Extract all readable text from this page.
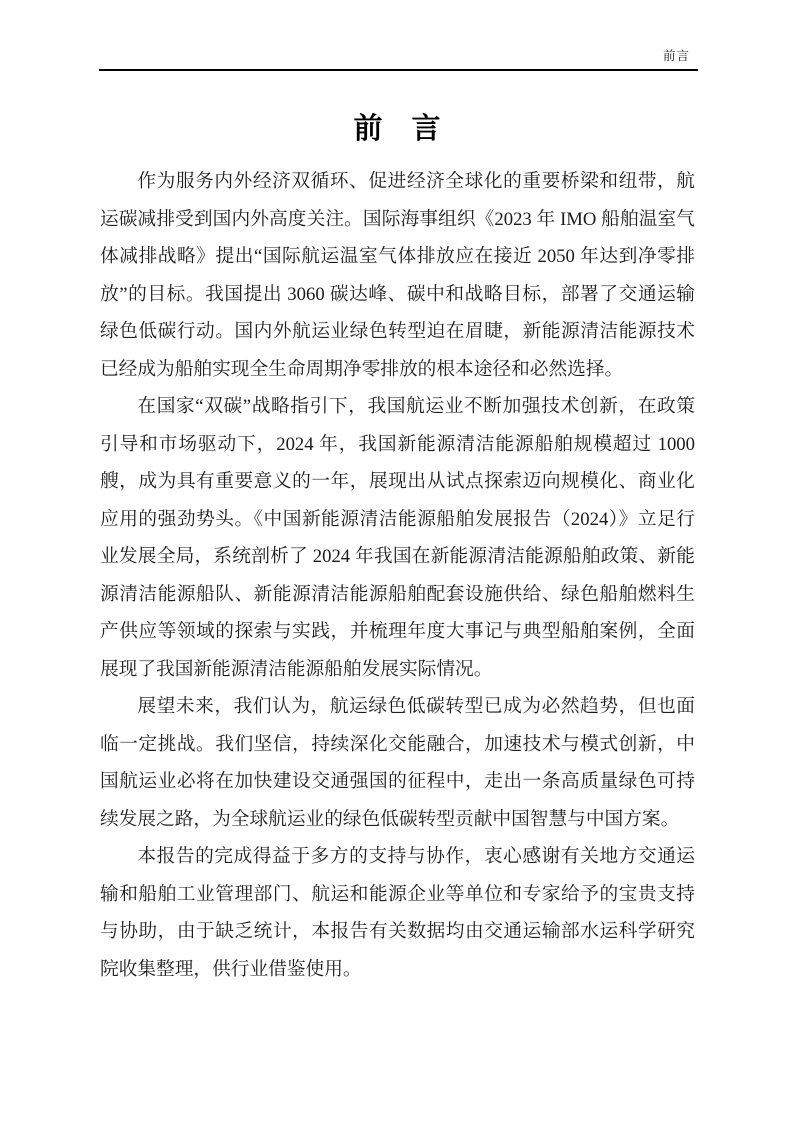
前言
前　言

作为服务内外经济双循环、促进经济全球化的重要桥梁和纽带，航运碳减排受到国内外高度关注。国际海事组织《2023 年 IMO 船舶温室气体减排战略》提出“国际航运温室气体排放应在接近 2050 年达到净零排放”的目标。我国提出 3060 碳达峰、碳中和战略目标，部署了交通运输绿色低碳行动。国内外航运业绿色转型迫在眉睫，新能源清洁能源技术已经成为船舶实现全生命周期净零排放的根本途径和必然选择。

在国家“双碳”战略指引下，我国航运业不断加强技术创新，在政策引导和市场驱动下，2024 年，我国新能源清洁能源船舶规模超过 1000 艘，成为具有重要意义的一年，展现出从试点探索迈向规模化、商业化应用的强劲势头。《中国新能源清洁能源船舶发展报告（2024）》立足行业发展全局，系统剖析了 2024 年我国在新能源清洁能源船舶政策、新能源清洁能源船队、新能源清洁能源船舶配套设施供给、绿色船舶燃料生产供应等领域的探索与实践，并梳理年度大事记与典型船舶案例，全面展现了我国新能源清洁能源船舶发展实际情况。

展望未来，我们认为，航运绿色低碳转型已成为必然趋势，但也面临一定挑战。我们坚信，持续深化交能融合，加速技术与模式创新，中国航运业必将在加快建设交通强国的征程中，走出一条高质量绿色可持续发展之路，为全球航运业的绿色低碳转型贡献中国智慧与中国方案。

本报告的完成得益于多方的支持与协作，衷心感谢有关地方交通运输和船舶工业管理部门、航运和能源企业等单位和专家给予的宝贵支持与协助，由于缺乏统计，本报告有关数据均由交通运输部水运科学研究院收集整理，供行业借鉴使用。
